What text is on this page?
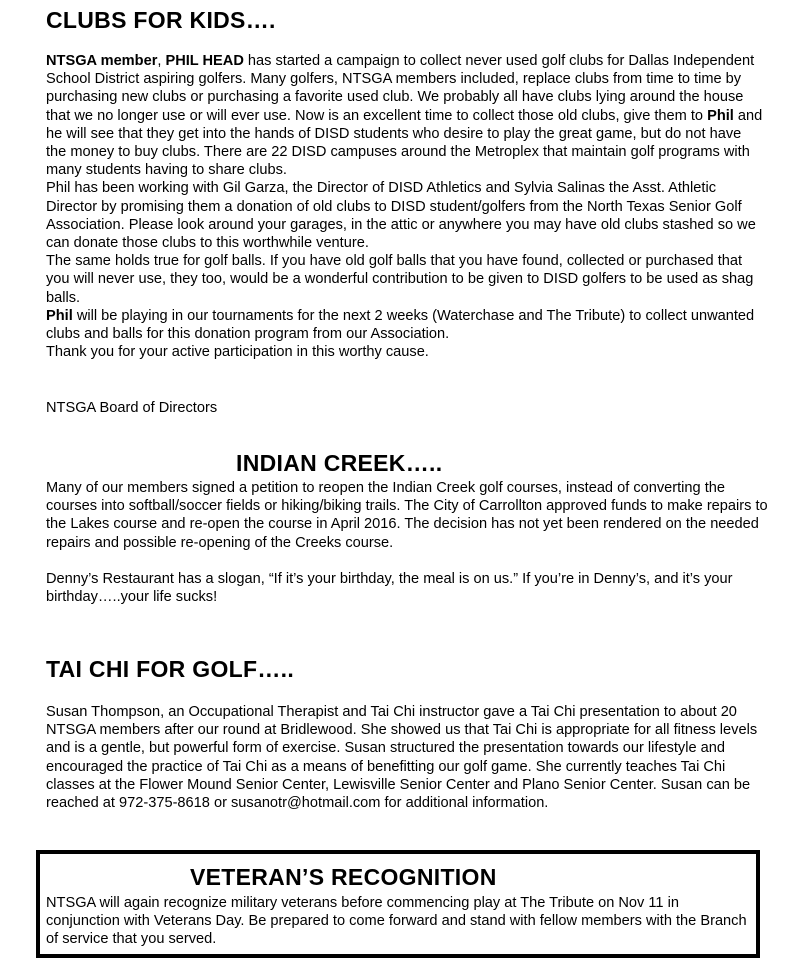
CLUBS FOR KIDS….

NTSGA member, PHIL HEAD has started a campaign to collect never used golf clubs for Dallas Independent School District aspiring golfers. Many golfers, NTSGA members included, replace clubs from time to time by purchasing new clubs or purchasing a favorite used club. We probably all have clubs lying around the house that we no longer use or will ever use. Now is an excellent time to collect those old clubs, give them to Phil and he will see that they get into the hands of DISD students who desire to play the great game, but do not have the money to buy clubs. There are 22 DISD campuses around the Metroplex that maintain golf programs with many students having to share clubs.

Phil has been working with Gil Garza, the Director of DISD Athletics and Sylvia Salinas the Asst. Athletic Director by promising them a donation of old clubs to DISD student/golfers from the North Texas Senior Golf Association. Please look around your garages, in the attic or anywhere you may have old clubs stashed so we can donate those clubs to this worthwhile venture.

The same holds true for golf balls. If you have old golf balls that you have found, collected or purchased that you will never use, they too, would be a wonderful contribution to be given to DISD golfers to be used as shag balls.

Phil will be playing in our tournaments for the next 2 weeks (Waterchase and The Tribute) to collect unwanted clubs and balls for this donation program from our Association.

Thank you for your active participation in this worthy cause.

NTSGA Board of Directors

INDIAN CREEK…..

Many of our members signed a petition to reopen the Indian Creek golf courses, instead of converting the courses into softball/soccer fields or hiking/biking trails. The City of Carrollton approved funds to make repairs to the Lakes course and re-open the course in April 2016. The decision has not yet been rendered on the needed repairs and possible re-opening of the Creeks course.

Denny’s Restaurant has a slogan, “If it’s your birthday, the meal is on us.” If you’re in Denny’s, and it’s your birthday…..your life sucks!

TAI CHI FOR GOLF…..

Susan Thompson, an Occupational Therapist and Tai Chi instructor gave a Tai Chi presentation to about 20 NTSGA members after our round at Bridlewood. She showed us that Tai Chi is appropriate for all fitness levels and is a gentle, but powerful form of exercise. Susan structured the presentation towards our lifestyle and encouraged the practice of Tai Chi as a means of benefitting our golf game. She currently teaches Tai Chi classes at the Flower Mound Senior Center, Lewisville Senior Center and Plano Senior Center. Susan can be reached at 972-375-8618 or susanotr@hotmail.com for additional information.

VETERAN’S RECOGNITION

NTSGA will again recognize military veterans before commencing play at The Tribute on Nov 11 in conjunction with Veterans Day. Be prepared to come forward and stand with fellow members with the Branch of service that you served.
